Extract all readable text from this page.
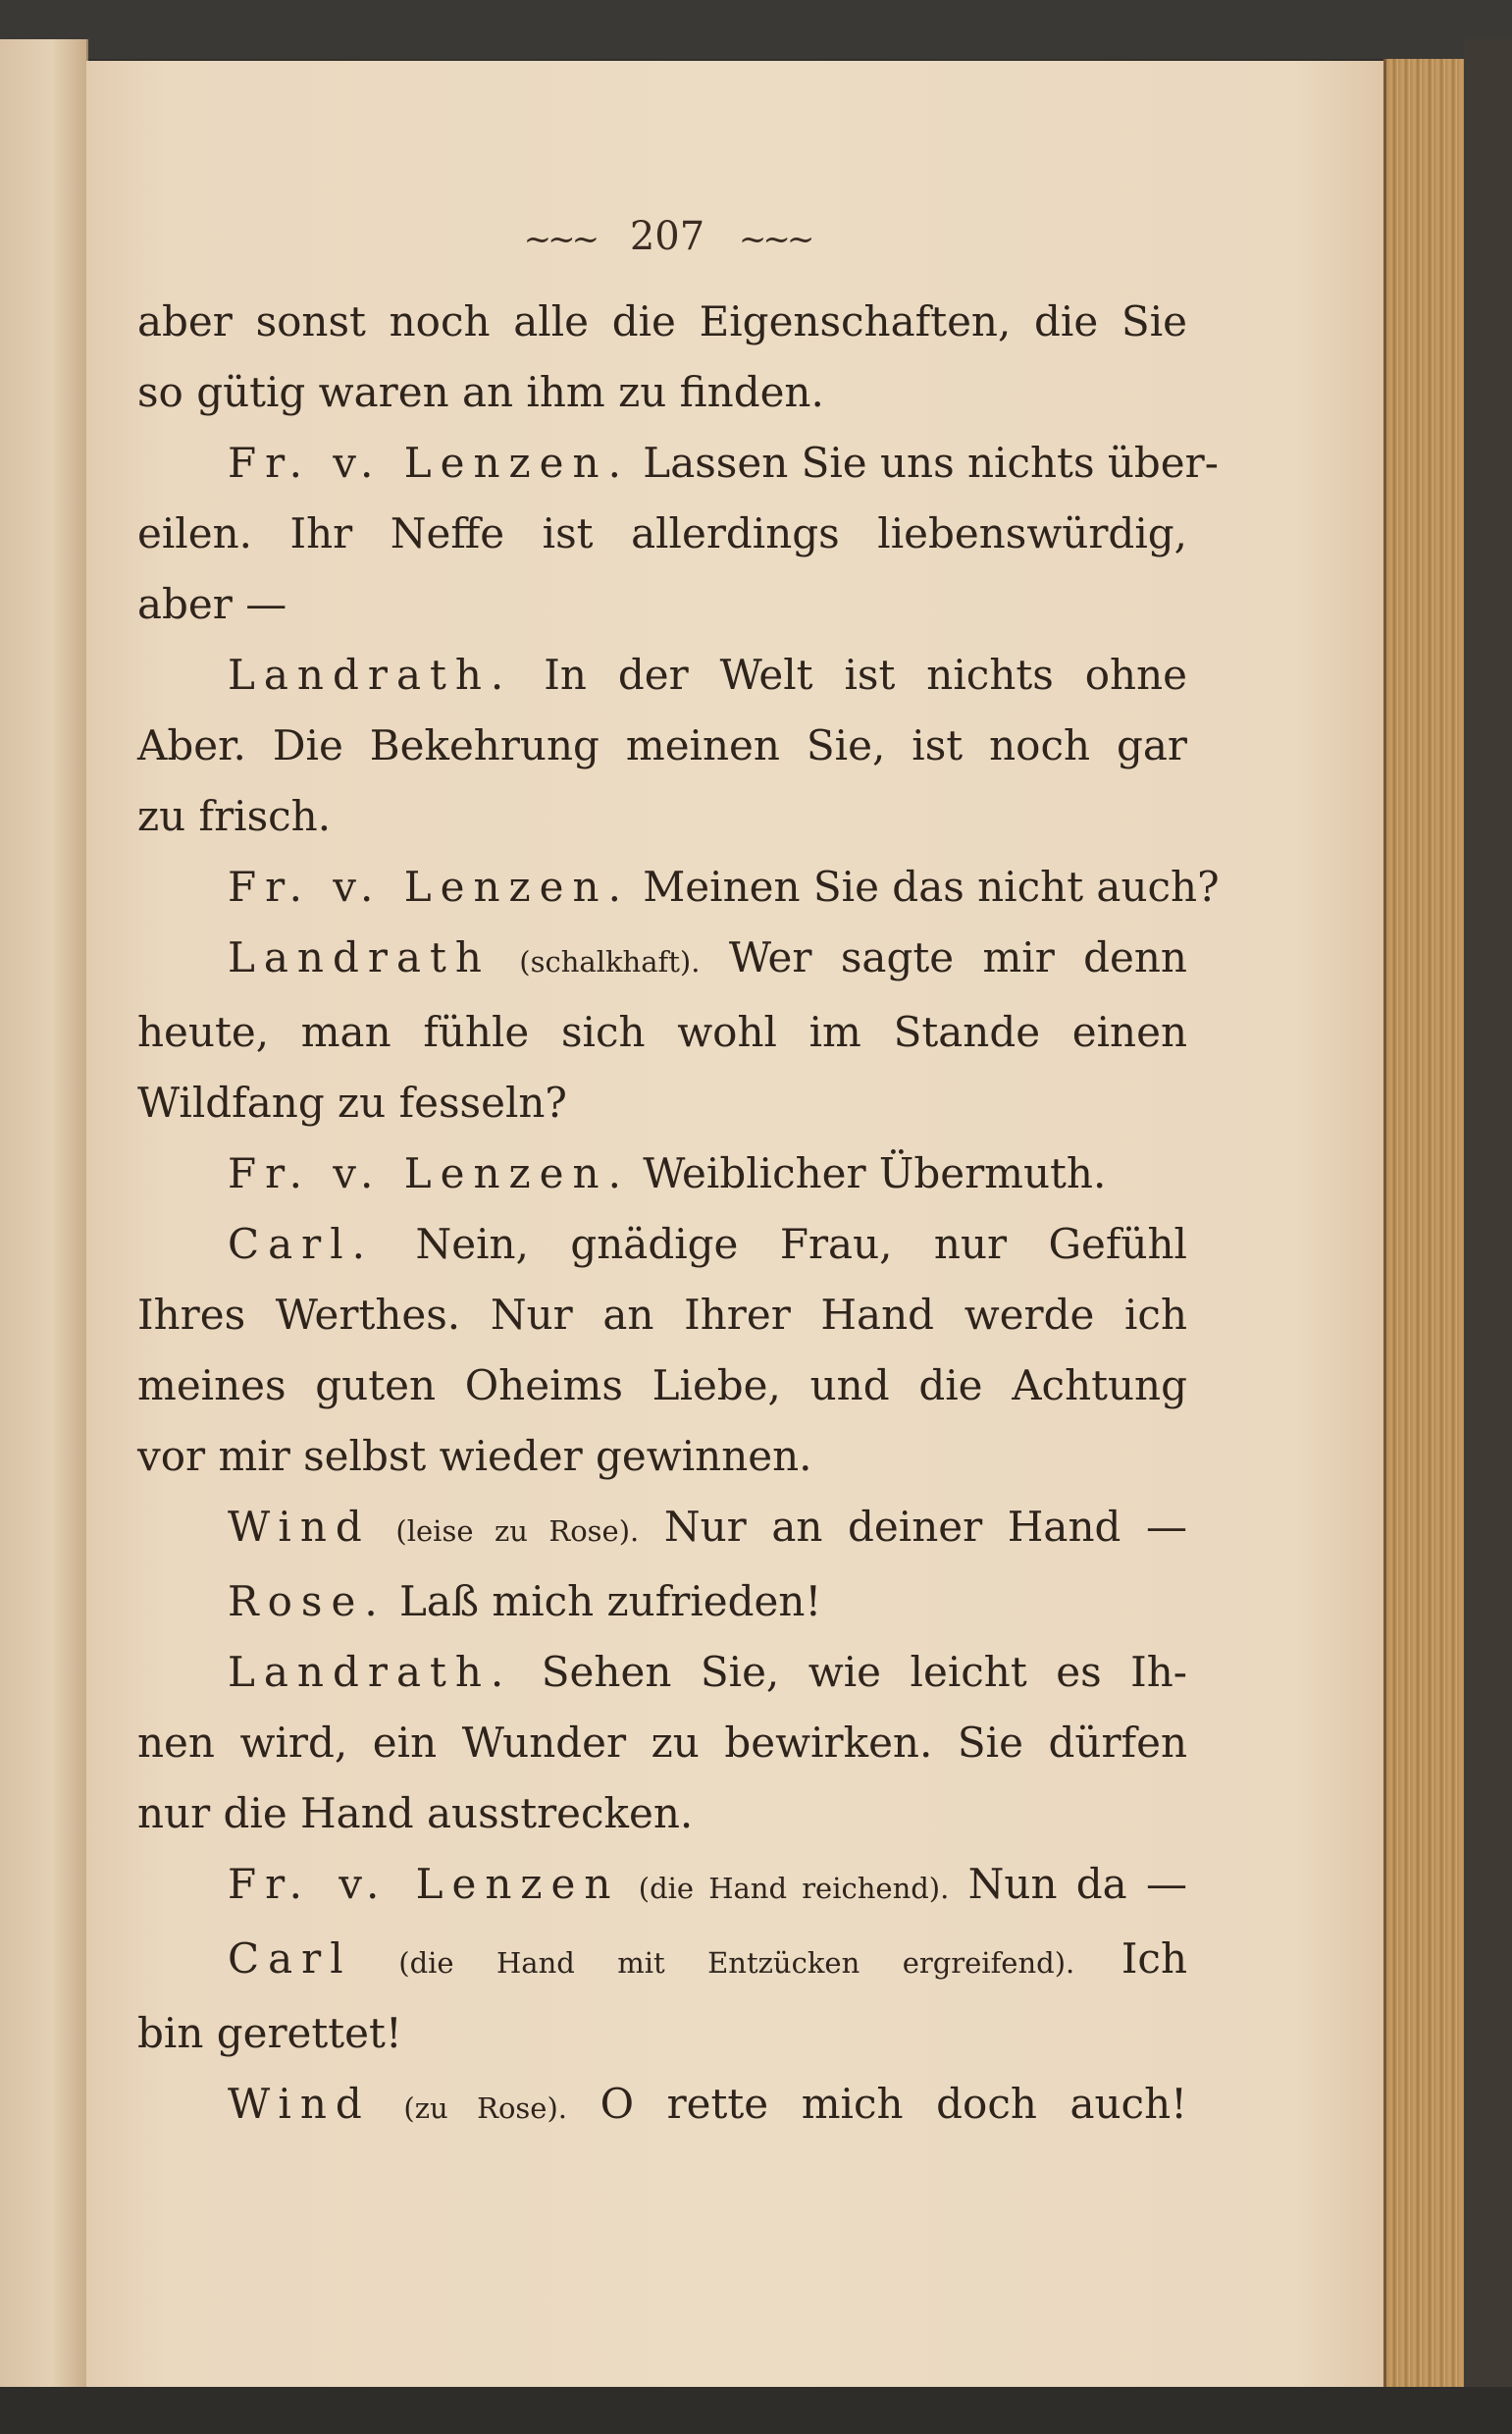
~~~ 207 ~~~
aber sonst noch alle die Eigenschaften, die Sie
so gütig waren an ihm zu finden.
Fr. v. Lenzen. Lassen Sie uns nichts über-
eilen. Ihr Neffe ist allerdings liebenswürdig,
aber —
Landrath. In der Welt ist nichts ohne
Aber. Die Bekehrung meinen Sie, ist noch gar
zu frisch.
Fr. v. Lenzen. Meinen Sie das nicht auch?
Landrath (schalkhaft). Wer sagte mir denn
heute, man fühle sich wohl im Stande einen
Wildfang zu fesseln?
Fr. v. Lenzen. Weiblicher Übermuth.
Carl. Nein, gnädige Frau, nur Gefühl
Ihres Werthes. Nur an Ihrer Hand werde ich
meines guten Oheims Liebe, und die Achtung
vor mir selbst wieder gewinnen.
Wind (leise zu Rose). Nur an deiner Hand —
Rose. Laß mich zufrieden!
Landrath. Sehen Sie, wie leicht es Ih-
nen wird, ein Wunder zu bewirken. Sie dürfen
nur die Hand ausstrecken.
Fr. v. Lenzen (die Hand reichend). Nun da —
Carl (die Hand mit Entzücken ergreifend). Ich
bin gerettet!
Wind (zu Rose). O rette mich doch auch!
